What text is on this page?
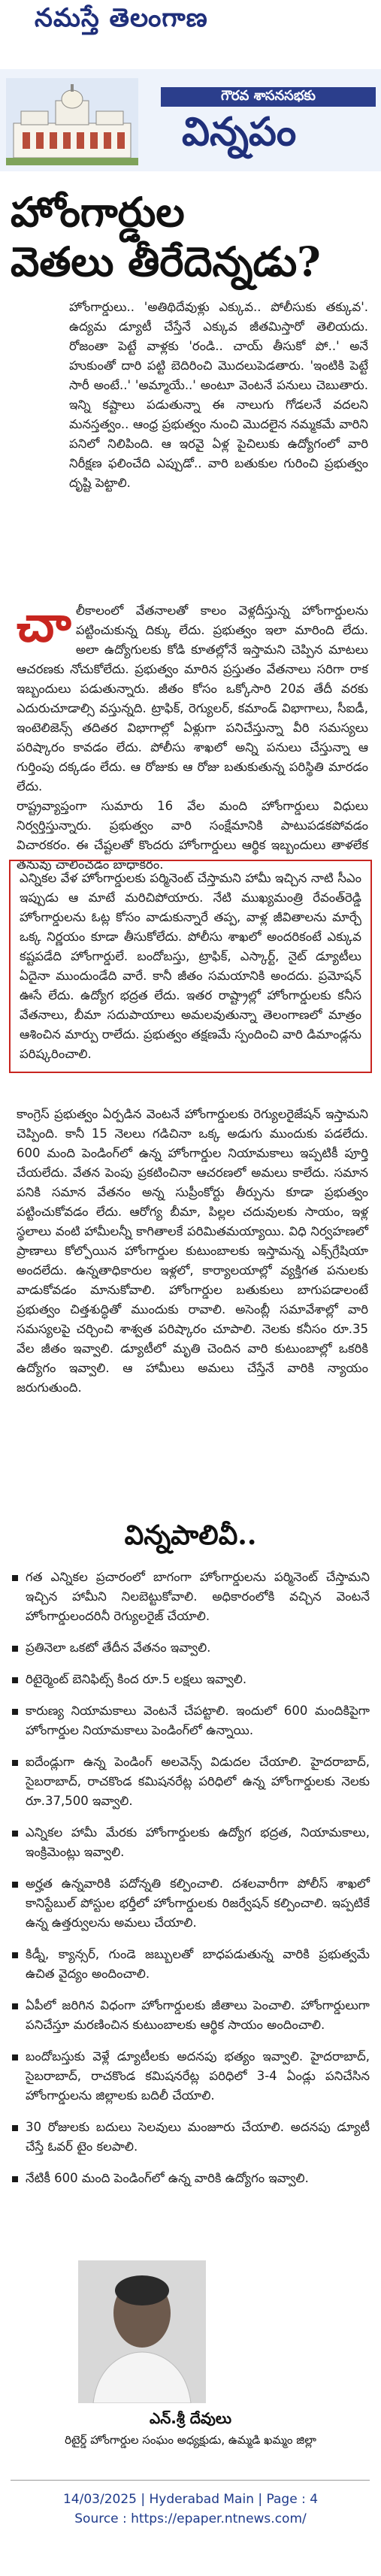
నమస్తే తెలంగాణ
గౌరవ శాసనసభకు
విన్నపం
హోంగార్డుల
వెతలు తీరేదెన్నడు?

హోంగార్డులు.. 'అతిథిదేవుళ్లు ఎక్కువ.. పోలీసుకు తక్కువ'. ఉద్యమ డ్యూటీ చేస్తేనే ఎక్కువ జీతమిస్తారో తెలియదు. రోజంతా పెట్టే వాళ్లకు 'రండి.. చాయ్ తీసుకో పో..' అనే హుకుంతో దారి పట్టి బెదిరించి మొదలుపెడతారు. 'ఇంటికి పెట్టే సారీ అంటే..' 'అమ్మాయే..' అంటూ వెంటనే పనులు చెబుతారు. ఇన్ని కష్టాలు పడుతున్నా ఈ నాలుగు గోడలనే వదలని మనస్తత్వం.. ఆంధ్ర ప్రభుత్వం నుంచి మొదలైన నమ్మకమే వారిని పనిలో నిలిపింది. ఆ ఇరవై ఏళ్ల పైచిలుకు ఉద్యోగంలో వారి నిరీక్షణ ఫలించేది ఎప్పుడో.. వారి బతుకుల గురించి ప్రభుత్వం దృష్టి పెట్టాలి.

చాలీకాలంలో వేతనాలతో కాలం వెళ్లదీస్తున్న హోంగార్డులను పట్టించుకున్న దిక్కు లేదు. ప్రభుత్వం ఇలా మారింది లేదు. అలా ఉద్యోగులకు కోడి కూతల్లోనే ఇస్తామని చెప్పిన మాటలు ఆచరణకు నోచుకోలేదు. ప్రభుత్వం మారిన ప్రస్తుతం వేతనాలు సరిగా రాక ఇబ్బందులు పడుతున్నారు. జీతం కోసం ఒక్కోసారి 20వ తేదీ వరకు ఎదురుచూడాల్సి వస్తున్నది. ట్రాఫిక్, రెగ్యులర్, కమాండ్ విభాగాలు, సీఐడీ, ఇంటెలిజెన్స్ తదితర విభాగాల్లో ఏళ్లుగా పనిచేస్తున్నా వీరి సమస్యలు పరిష్కారం కావడం లేదు. పోలీసు శాఖలో అన్ని పనులు చేస్తున్నా ఆ గుర్తింపు దక్కడం లేదు. ఆ రోజుకు ఆ రోజు బతుకుతున్న పరిస్థితి మారడం లేదు.

రాష్ట్రవ్యాప్తంగా సుమారు 16 వేల మంది హోంగార్డులు విధులు నిర్వర్తిస్తున్నారు. ప్రభుత్వం వారి సంక్షేమానికి పాటుపడకపోవడం విచారకరం. ఈ చేష్టలతో కొందరు హోంగార్డులు ఆర్థిక ఇబ్బందులు తాళలేక తనువు చాలించడం బాధాకరం.

ఎన్నికల వేళ హోంగార్డులకు పర్మినెంట్ చేస్తామని హామీ ఇచ్చిన నాటి సీఎం ఇప్పుడు ఆ మాటే మరిచిపోయారు. నేటి ముఖ్యమంత్రి రేవంత్‌రెడ్డి హోంగార్డులను ఓట్ల కోసం వాడుకున్నారే తప్ప, వాళ్ల జీవితాలను మార్చే ఒక్క నిర్ణయం కూడా తీసుకోలేదు. పోలీసు శాఖలో అందరికంటే ఎక్కువ కష్టపడేది హోంగార్డులే. బందోబస్తు, ట్రాఫిక్, ఎస్కార్ట్, నైట్ డ్యూటీలు ఏదైనా ముందుండేది వారే. కానీ జీతం సమయానికి అందదు. ప్రమోషన్ ఊసే లేదు. ఉద్యోగ భద్రత లేదు. ఇతర రాష్ట్రాల్లో హోంగార్డులకు కనీస వేతనాలు, బీమా సదుపాయాలు అమలవుతున్నా తెలంగాణలో మాత్రం ఆశించిన మార్పు రాలేదు. ప్రభుత్వం తక్షణమే స్పందించి వారి డిమాండ్లను పరిష్కరించాలి.

కాంగ్రెస్ ప్రభుత్వం ఏర్పడిన వెంటనే హోంగార్డులకు రెగ్యులరైజేషన్ ఇస్తామని చెప్పింది. కానీ 15 నెలలు గడిచినా ఒక్క అడుగు ముందుకు పడలేదు. 600 మంది పెండింగ్‌లో ఉన్న హోంగార్డుల నియామకాలు ఇప్పటికీ పూర్తి చేయలేదు. వేతన పెంపు ప్రకటించినా ఆచరణలో అమలు కాలేదు. సమాన పనికి సమాన వేతనం అన్న సుప్రీంకోర్టు తీర్పును కూడా ప్రభుత్వం పట్టించుకోవడం లేదు. ఆరోగ్య బీమా, పిల్లల చదువులకు సాయం, ఇళ్ల స్థలాలు వంటి హామీలన్నీ కాగితాలకే పరిమితమయ్యాయి. విధి నిర్వహణలో ప్రాణాలు కోల్పోయిన హోంగార్డుల కుటుంబాలకు ఇస్తామన్న ఎక్స్‌గ్రేషియా అందలేదు. ఉన్నతాధికారుల ఇళ్లలో, కార్యాలయాల్లో వ్యక్తిగత పనులకు వాడుకోవడం మానుకోవాలి. హోంగార్డుల బతుకులు బాగుపడాలంటే ప్రభుత్వం చిత్తశుద్ధితో ముందుకు రావాలి. అసెంబ్లీ సమావేశాల్లో వారి సమస్యలపై చర్చించి శాశ్వత పరిష్కారం చూపాలి. నెలకు కనీసం రూ.35 వేల జీతం ఇవ్వాలి. డ్యూటీలో మృతి చెందిన వారి కుటుంబాల్లో ఒకరికి ఉద్యోగం ఇవ్వాలి. ఆ హామీలు అమలు చేస్తేనే వారికి న్యాయం జరుగుతుంది.

విన్నపాలివీ..
గత ఎన్నికల ప్రచారంలో బాగంగా హోంగార్డులను పర్మినెంట్ చేస్తామని ఇచ్చిన హామీని నిలబెట్టుకోవాలి. అధికారంలోకి వచ్చిన వెంటనే హోంగార్డులందరినీ రెగ్యులరైజ్ చేయాలి.
ప్రతినెలా ఒకటో తేదీన వేతనం ఇవ్వాలి.
రిటైర్మెంట్ బెనిఫిట్స్ కింద రూ.5 లక్షలు ఇవ్వాలి.
కారుణ్య నియామకాలు వెంటనే చేపట్టాలి. ఇందులో 600 మందికిపైగా హోంగార్డుల నియామకాలు పెండింగ్‌లో ఉన్నాయి.
ఐదేండ్లుగా ఉన్న పెండింగ్ అలవెన్స్ విడుదల చేయాలి. హైదరాబాద్, సైబరాబాద్, రాచకొండ కమిషనరేట్ల పరిధిలో ఉన్న హోంగార్డులకు నెలకు రూ.37,500 ఇవ్వాలి.
ఎన్నికల హామీ మేరకు హోంగార్డులకు ఉద్యోగ భద్రత, నియామకాలు, ఇంక్రిమెంట్లు ఇవ్వాలి.
అర్హత ఉన్నవారికి పదోన్నతి కల్పించాలి. దశలవారీగా పోలీస్ శాఖలో కానిస్టేబుల్ పోస్టుల భర్తీలో హోంగార్డులకు రిజర్వేషన్ కల్పించాలి. ఇప్పటికే ఉన్న ఉత్తర్వులను అమలు చేయాలి.
కిడ్నీ, క్యాన్సర్, గుండె జబ్బులతో బాధపడుతున్న వారికి ప్రభుత్వమే ఉచిత వైద్యం అందించాలి.
ఏపీలో జరిగిన విధంగా హోంగార్డులకు జీతాలు పెంచాలి. హోంగార్డులుగా పనిచేస్తూ మరణించిన కుటుంబాలకు ఆర్థిక సాయం అందించాలి.
బందోబస్తుకు వెళ్లే డ్యూటీలకు అదనపు భత్యం ఇవ్వాలి. హైదరాబాద్, సైబరాబాద్, రాచకొండ కమిషనరేట్ల పరిధిలో 3-4 ఏండ్లు పనిచేసిన హోంగార్డులను జిల్లాలకు బదిలీ చేయాలి.
30 రోజులకు బదులు సెలవులు మంజూరు చేయాలి. అదనపు డ్యూటీ చేస్తే ఓవర్ టైం కలపాలి.
నేటికీ 600 మంది పెండింగ్‌లో ఉన్న వారికి ఉద్యోగం ఇవ్వాలి.
ఎన్.శ్రీ దేవులు
రిటైర్డ్ హోంగార్డుల సంఘం అధ్యక్షుడు, ఉమ్మడి ఖమ్మం జిల్లా
14/03/2025 | Hyderabad Main | Page : 4
Source : https://epaper.ntnews.com/
